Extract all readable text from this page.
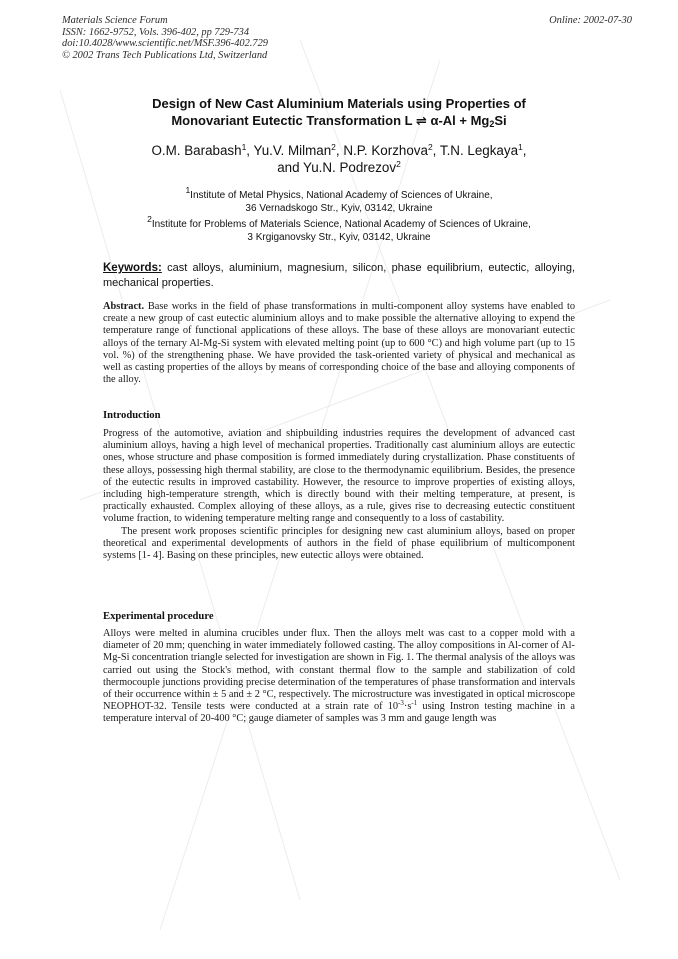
Materials Science Forum
ISSN: 1662-9752, Vols. 396-402, pp 729-734
doi:10.4028/www.scientific.net/MSF.396-402.729
© 2002 Trans Tech Publications Ltd, Switzerland
Online: 2002-07-30
Design of New Cast Aluminium Materials using Properties of
Monovariant Eutectic Transformation L ⇌ $\alpha-Al + Mg_2Si$
O.M. Barabash$^1$, Yu.V. Milman$^2$, N.P. Korzhova$^2$, T.N. Legkaya$^1$,
and Yu.N. Podrezov$^2$
$^1$Institute of Metal Physics, National Academy of Sciences of Ukraine,
36 Vernadskogo Str., Kyiv, 03142, Ukraine
$^2$Institute for Problems of Materials Science, National Academy of Sciences of Ukraine,
3 Krgiganovsky Str., Kyiv, 03142, Ukraine
Keywords: cast alloys, aluminium, magnesium, silicon, phase equilibrium, eutectic, alloying, mechanical properties.

Abstract. Base works in the field of phase transformations in multi-component alloy systems have enabled to create a new group of cast eutectic aluminium alloys and to make possible the alternative alloying to expend the temperature range of functional applications of these alloys. The base of these alloys are monovariant eutectic alloys of the ternary Al-Mg-Si system with elevated melting point (up to 600 °C) and high volume part (up to 15 vol. %) of the strengthening phase. We have provided the task-oriented variety of physical and mechanical as well as casting properties of the alloys by means of corresponding choice of the base and alloying components of the alloy.

Introduction

Progress of the automotive, aviation and shipbuilding industries requires the development of advanced cast aluminium alloys, having a high level of mechanical properties. Traditionally cast aluminium alloys are eutectic ones, whose structure and phase composition is formed immediately during crystallization. Phase constituents of these alloys, possessing high thermal stability, are close to the thermodynamic equilibrium. Besides, the presence of the eutectic results in improved castability. However, the resource to improve properties of existing alloys, including high-temperature strength, which is directly bound with their melting temperature, at present, is practically exhausted. Complex alloying of these alloys, as a rule, gives rise to decreasing eutectic constituent volume fraction, to widening temperature melting range and consequently to a loss of castability.

The present work proposes scientific principles for designing new cast aluminium alloys, based on proper theoretical and experimental developments of authors in the field of phase equilibrium of multicomponent systems [1- 4]. Basing on these principles, new eutectic alloys were obtained.

Experimental procedure

Alloys were melted in alumina crucibles under flux. Then the alloys melt was cast to a copper mold with a diameter of 20 mm; quenching in water immediately followed casting. The alloy compositions in Al-corner of Al-Mg-Si concentration triangle selected for investigation are shown in Fig. 1. The thermal analysis of the alloys was carried out using the Stock's method, with constant thermal flow to the sample and stabilization of cold thermocouple junctions providing precise determination of the temperatures of phase transformation and intervals of their occurrence within ± 5 and ± 2 °C, respectively. The microstructure was investigated in optical microscope NEOPHOT-32. Tensile tests were conducted at a strain rate of $10^{-3}\cdot s^{-1}$ using Instron testing machine in a temperature interval of 20-400 °C; gauge diameter of samples was 3 mm and gauge length was
